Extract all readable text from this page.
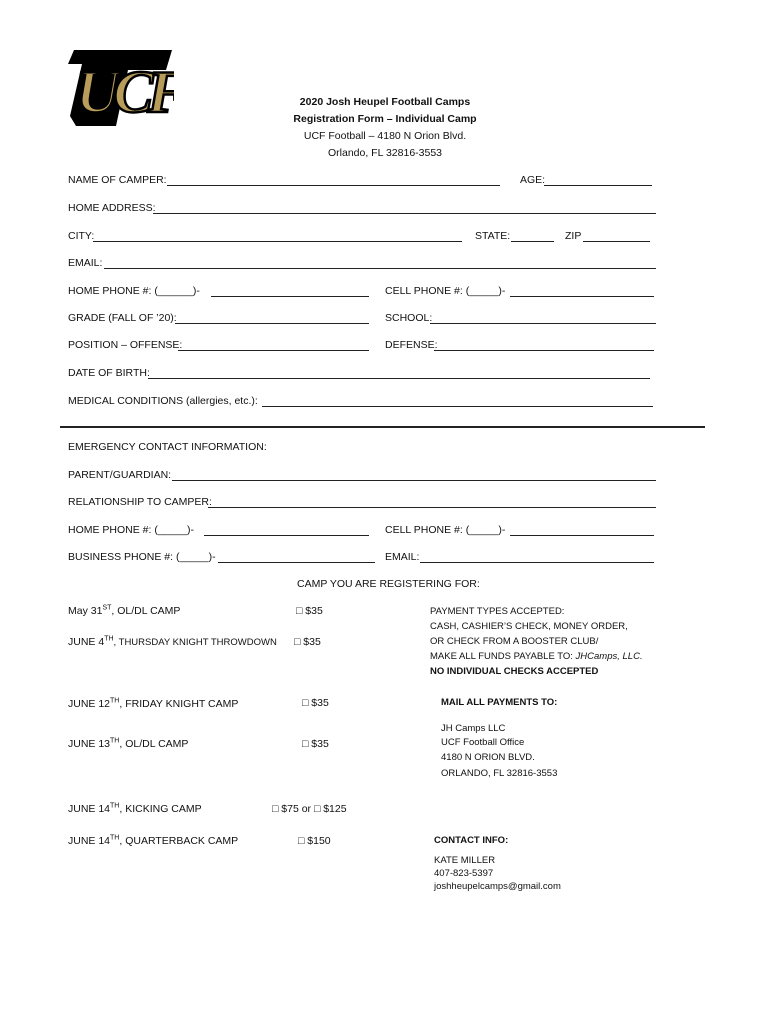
UCF	2020 Josh Heupel Football Camps
Registration Form – Individual Camp
UCF Football – 4180 N Orion Blvd.
Orlando, FL 32816-3553
NAME OF CAMPER:	AGE:
HOME ADDRESS:
CITY:	STATE:	ZIP
EMAIL:
HOME PHONE #: (______)-	CELL PHONE #: (_____)-
GRADE (FALL OF ’20):	SCHOOL:
POSITION – OFFENSE:	DEFENSE:
DATE OF BIRTH:
MEDICAL CONDITIONS (allergies, etc.):
EMERGENCY CONTACT INFORMATION:
PARENT/GUARDIAN:
RELATIONSHIP TO CAMPER:
HOME PHONE #: (_____)-	CELL PHONE #: (_____)-
BUSINESS PHONE #: (_____)-	EMAIL:
CAMP YOU ARE REGISTERING FOR:
May 31ST, OL/DL CAMP	□ $35
JUNE 4TH, THURSDAY KNIGHT THROWDOWN □ $35
JUNE 12TH, FRIDAY KNIGHT CAMP	□ $35
JUNE 13TH, OL/DL CAMP	□ $35
JUNE 14TH, KICKING CAMP	□ $75 or □ $125
JUNE 14TH, QUARTERBACK CAMP	□ $150
PAYMENT TYPES ACCEPTED:
CASH, CASHIER’S CHECK, MONEY ORDER,
OR CHECK FROM A BOOSTER CLUB/
MAKE ALL FUNDS PAYABLE TO: JHCamps, LLC.
NO INDIVIDUAL CHECKS ACCEPTED
MAIL ALL PAYMENTS TO:
JH Camps LLC
UCF Football Office
4180 N ORION BLVD.
ORLANDO, FL 32816-3553
CONTACT INFO:
KATE MILLER
407-823-5397
joshheupelcamps@gmail.com
